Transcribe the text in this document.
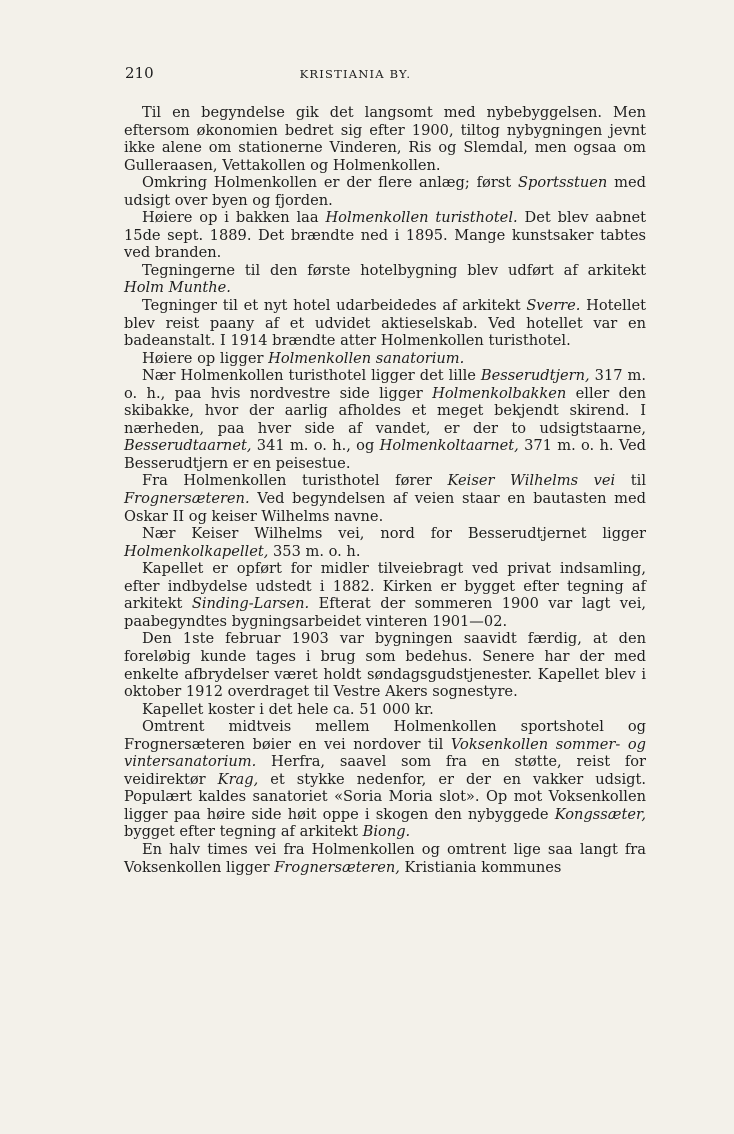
210	KRISTIANIA BY.

Til en begyndelse gik det langsomt med nybebyggelsen. Men eftersom økonomien bedret sig efter 1900, tiltog nybygningen jevnt ikke alene om stationerne Vinderen, Ris og Slemdal, men ogsaa om Gulleraasen, Vettakollen og Holmenkollen.

Omkring Holmenkollen er der flere anlæg; først Sportsstuen med udsigt over byen og fjorden.

Høiere op i bakken laa Holmenkollen turisthotel. Det blev aabnet 15de sept. 1889. Det brændte ned i 1895. Mange kunstsaker tabtes ved branden.

Tegningerne til den første hotelbygning blev udført af arkitekt Holm Munthe.

Tegninger til et nyt hotel udarbeidedes af arkitekt Sverre. Hotellet blev reist paany af et udvidet aktieselskab. Ved hotellet var en badeanstalt. I 1914 brændte atter Holmenkollen turisthotel.

Høiere op ligger Holmenkollen sanatorium.

Nær Holmenkollen turisthotel ligger det lille Besserudtjern, 317 m. o. h., paa hvis nordvestre side ligger Holmenkolbakken eller den skibakke, hvor der aarlig afholdes et meget bekjendt skirend. I nærheden, paa hver side af vandet, er der to udsigtstaarne, Besserudtaarnet, 341 m. o. h., og Holmenkoltaarnet, 371 m. o. h. Ved Besserudtjern er en peisestue.

Fra Holmenkollen turisthotel fører Keiser Wilhelms vei til Frognersæteren. Ved begyndelsen af veien staar en bautasten med Oskar II og keiser Wilhelms navne.

Nær Keiser Wilhelms vei, nord for Besserudtjernet ligger Holmenkolkapellet, 353 m. o. h.

Kapellet er opført for midler tilveiebragt ved privat indsamling, efter indbydelse udstedt i 1882. Kirken er bygget efter tegning af arkitekt Sinding-Larsen. Efterat der sommeren 1900 var lagt vei, paabegyndtes bygningsarbeidet vinteren 1901—02.

Den 1ste februar 1903 var bygningen saavidt færdig, at den foreløbig kunde tages i brug som bedehus. Senere har der med enkelte afbrydelser været holdt søndagsgudstjenester. Kapellet blev i oktober 1912 overdraget til Vestre Akers sognestyre.

Kapellet koster i det hele ca. 51 000 kr.

Omtrent midtveis mellem Holmenkollen sportshotel og Frognersæteren bøier en vei nordover til Voksenkollen sommer- og vintersanatorium. Herfra, saavel som fra en støtte, reist for veidirektør Krag, et stykke nedenfor, er der en vakker udsigt. Populært kaldes sanatoriet «Soria Moria slot». Op mot Voksenkollen ligger paa høire side høit oppe i skogen den nybyggede Kongssæter, bygget efter tegning af arkitekt Biong.

En halv times vei fra Holmenkollen og omtrent lige saa langt fra Voksenkollen ligger Frognersæteren, Kristiania kommunes
